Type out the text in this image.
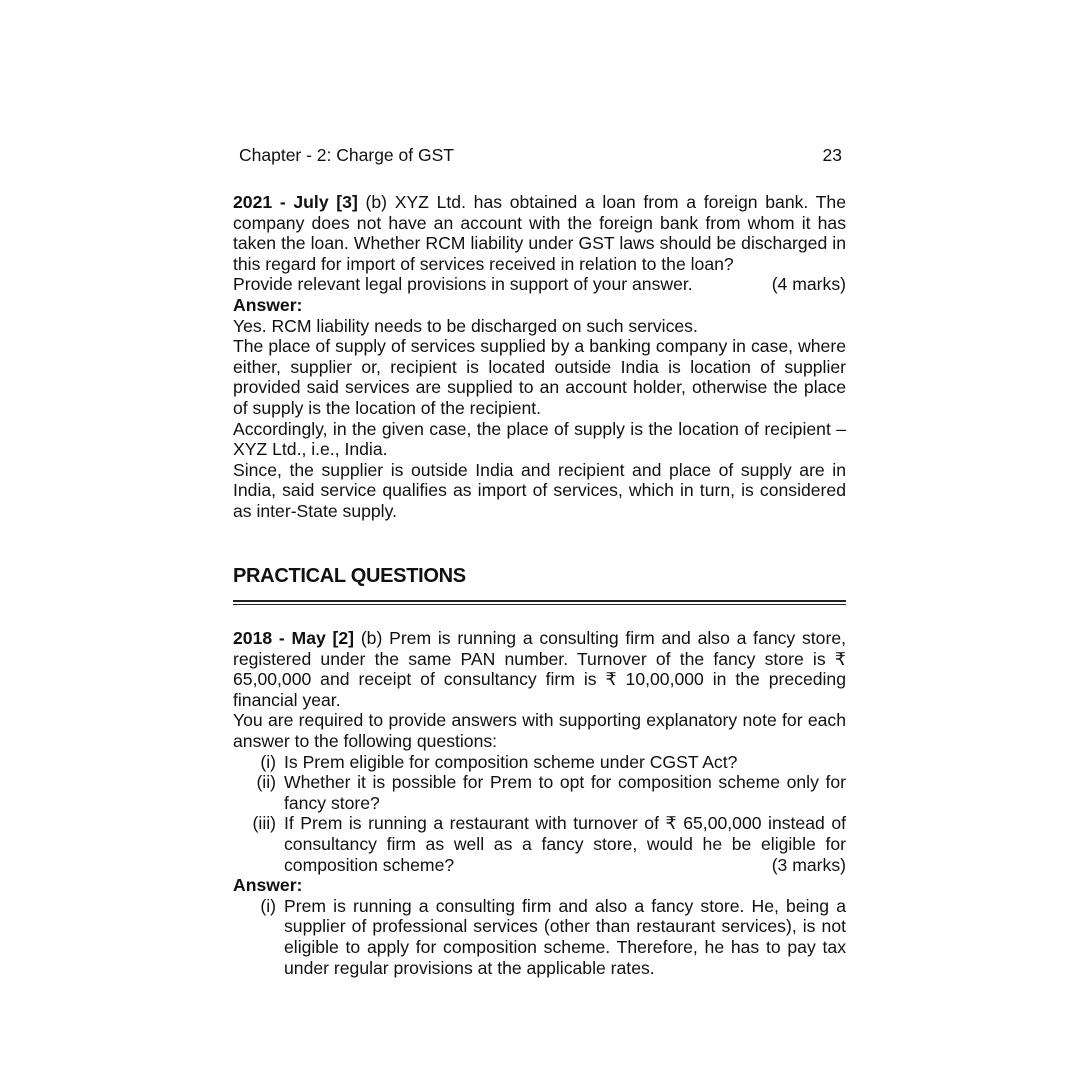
Chapter - 2: Charge of GST	23

2021 - July [3] (b) XYZ Ltd. has obtained a loan from a foreign bank. The company does not have an account with the foreign bank from whom it has taken the loan. Whether RCM liability under GST laws should be discharged in this regard for import of services received in relation to the loan?

Provide relevant legal provisions in support of your answer.	(4 marks)

Answer:

Yes. RCM liability needs to be discharged on such services.

The place of supply of services supplied by a banking company in case, where either, supplier or, recipient is located outside India is location of supplier provided said services are supplied to an account holder, otherwise the place of supply is the location of the recipient.

Accordingly, in the given case, the place of supply is the location of recipient – XYZ Ltd., i.e., India.

Since, the supplier is outside India and recipient and place of supply are in India, said service qualifies as import of services, which in turn, is considered as inter-State supply.

PRACTICAL QUESTIONS

2018 - May [2] (b) Prem is running a consulting firm and also a fancy store, registered under the same PAN number. Turnover of the fancy store is ₹ 65,00,000 and receipt of consultancy firm is ₹ 10,00,000 in the preceding financial year.

You are required to provide answers with supporting explanatory note for each answer to the following questions:

(i) Is Prem eligible for composition scheme under CGST Act?
(ii) Whether it is possible for Prem to opt for composition scheme only for fancy store?
(iii) If Prem is running a restaurant with turnover of ₹ 65,00,000 instead of consultancy firm as well as a fancy store, would he be eligible for
composition scheme?	(3 marks)

Answer:

(i) Prem is running a consulting firm and also a fancy store. He, being a supplier of professional services (other than restaurant services), is not eligible to apply for composition scheme. Therefore, he has to pay tax under regular provisions at the applicable rates.
